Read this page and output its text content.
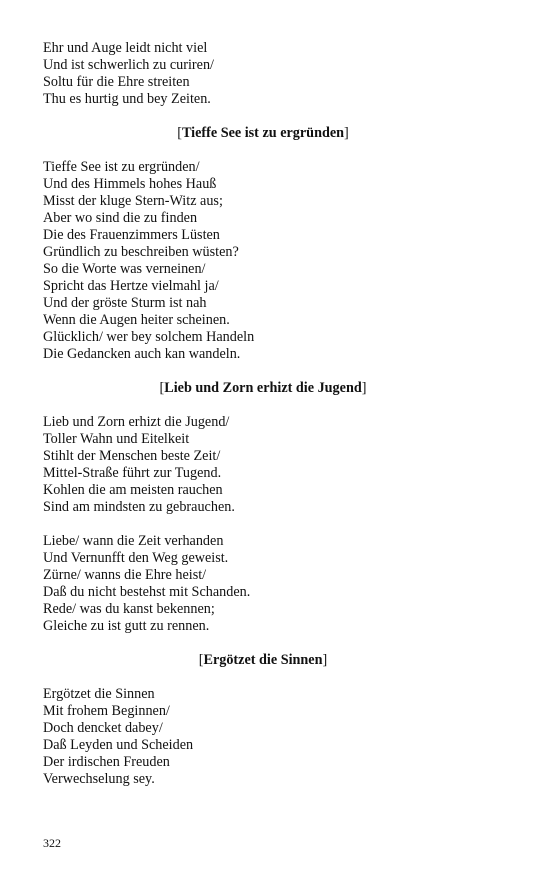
Ehr und Auge leidt nicht viel
Und ist schwerlich zu curiren/
Soltu für die Ehre streiten
Thu es hurtig und bey Zeiten.
[Tieffe See ist zu ergründen]
Tieffe See ist zu ergründen/
Und des Himmels hohes Hauß
Misst der kluge Stern-Witz aus;
Aber wo sind die zu finden
Die des Frauenzimmers Lüsten
Gründlich zu beschreiben wüsten?
So die Worte was verneinen/
Spricht das Hertze vielmahl ja/
Und der gröste Sturm ist nah
Wenn die Augen heiter scheinen.
Glücklich/ wer bey solchem Handeln
Die Gedancken auch kan wandeln.
[Lieb und Zorn erhizt die Jugend]
Lieb und Zorn erhizt die Jugend/
Toller Wahn und Eitelkeit
Stihlt der Menschen beste Zeit/
Mittel-Straße führt zur Tugend.
Kohlen die am meisten rauchen
Sind am mindsten zu gebrauchen.
Liebe/ wann die Zeit verhanden
Und Vernunfft den Weg geweist.
Zürne/ wanns die Ehre heist/
Daß du nicht bestehst mit Schanden.
Rede/ was du kanst bekennen;
Gleiche zu ist gutt zu rennen.
[Ergötzet die Sinnen]
Ergötzet die Sinnen
Mit frohem Beginnen/
Doch dencket dabey/
Daß Leyden und Scheiden
Der irdischen Freuden
Verwechselung sey.
322
